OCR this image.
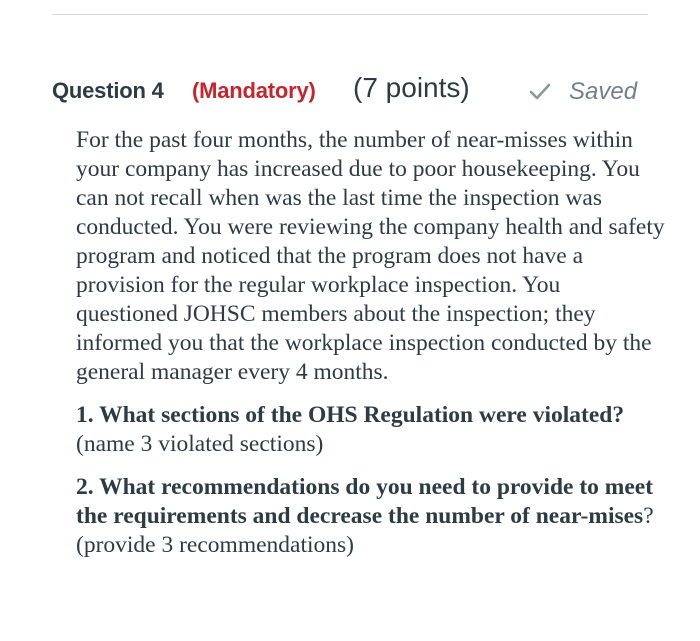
Question 4 (Mandatory) (7 points)	Saved

For the past four months, the number of near-misses within your company has increased due to poor housekeeping. You can not recall when was the last time the inspection was conducted. You were reviewing the company health and safety program and noticed that the program does not have a provision for the regular workplace inspection. You questioned JOHSC members about the inspection; they informed you that the workplace inspection conducted by the general manager every 4 months.

1. What sections of the OHS Regulation were violated? (name 3 violated sections)

2. What recommendations do you need to provide to meet the requirements and decrease the number of near-mises? (provide 3 recommendations)
